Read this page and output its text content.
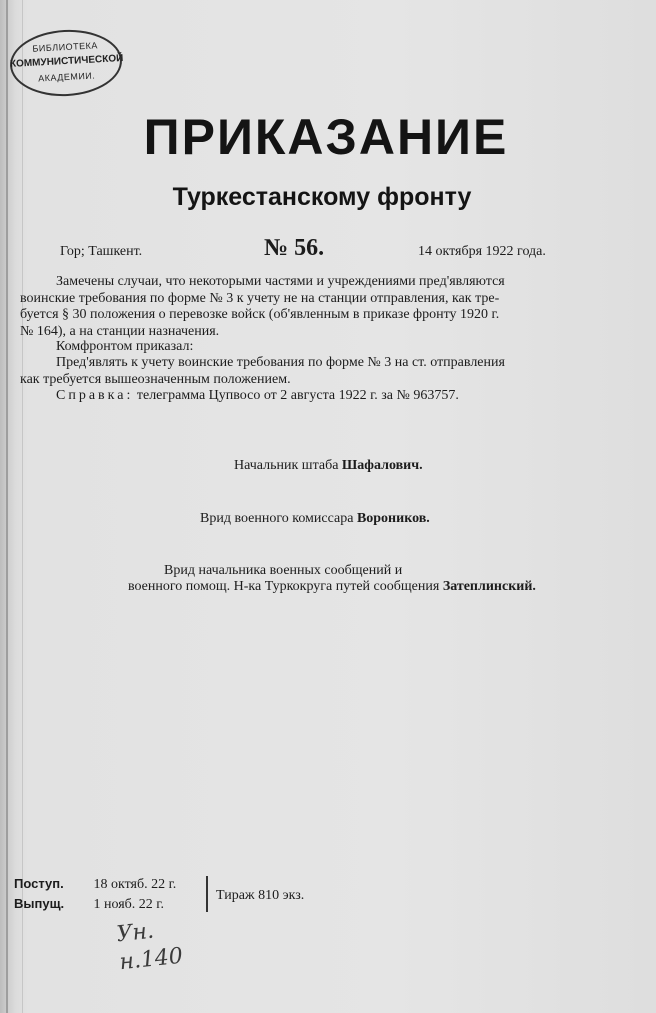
БИБЛИОТЕКА
КОММУНИСТИЧЕСКОЙ
АКАДЕМИИ.
ПРИКАЗАНИЕ
Туркестанскому фронту
Гор; Ташкент.	№ 56.	14 октября 1922 года.
Замечены случаи, что некоторыми частями и учреждениями пред'являются
воинские требования по форме № 3 к учету не на станции отправления, как тре-
буется § 30 положения о перевозке войск (об'явленным в приказе фронту 1920 г.
№ 164), а на станции назначения.
Комфронтом приказал:
Пред'являть к учету воинские требования по форме № 3 на ст. отправления
как требуется вышеозначенным положением.
Справка: телеграмма Цупвосо от 2 августа 1922 г. за № 963757.
Начальник штаба Шафалович.
Врид военного комиссара Вороников.
Врид начальника военных сообщений и
военного помощ. Н-ка Туркокруга путей сообщения Затеплинский.
Поступ. 18 октяб. 22 г.
Выпущ. 1 нояб. 22 г.
Тираж 810 экз.
Ун.
н.140
